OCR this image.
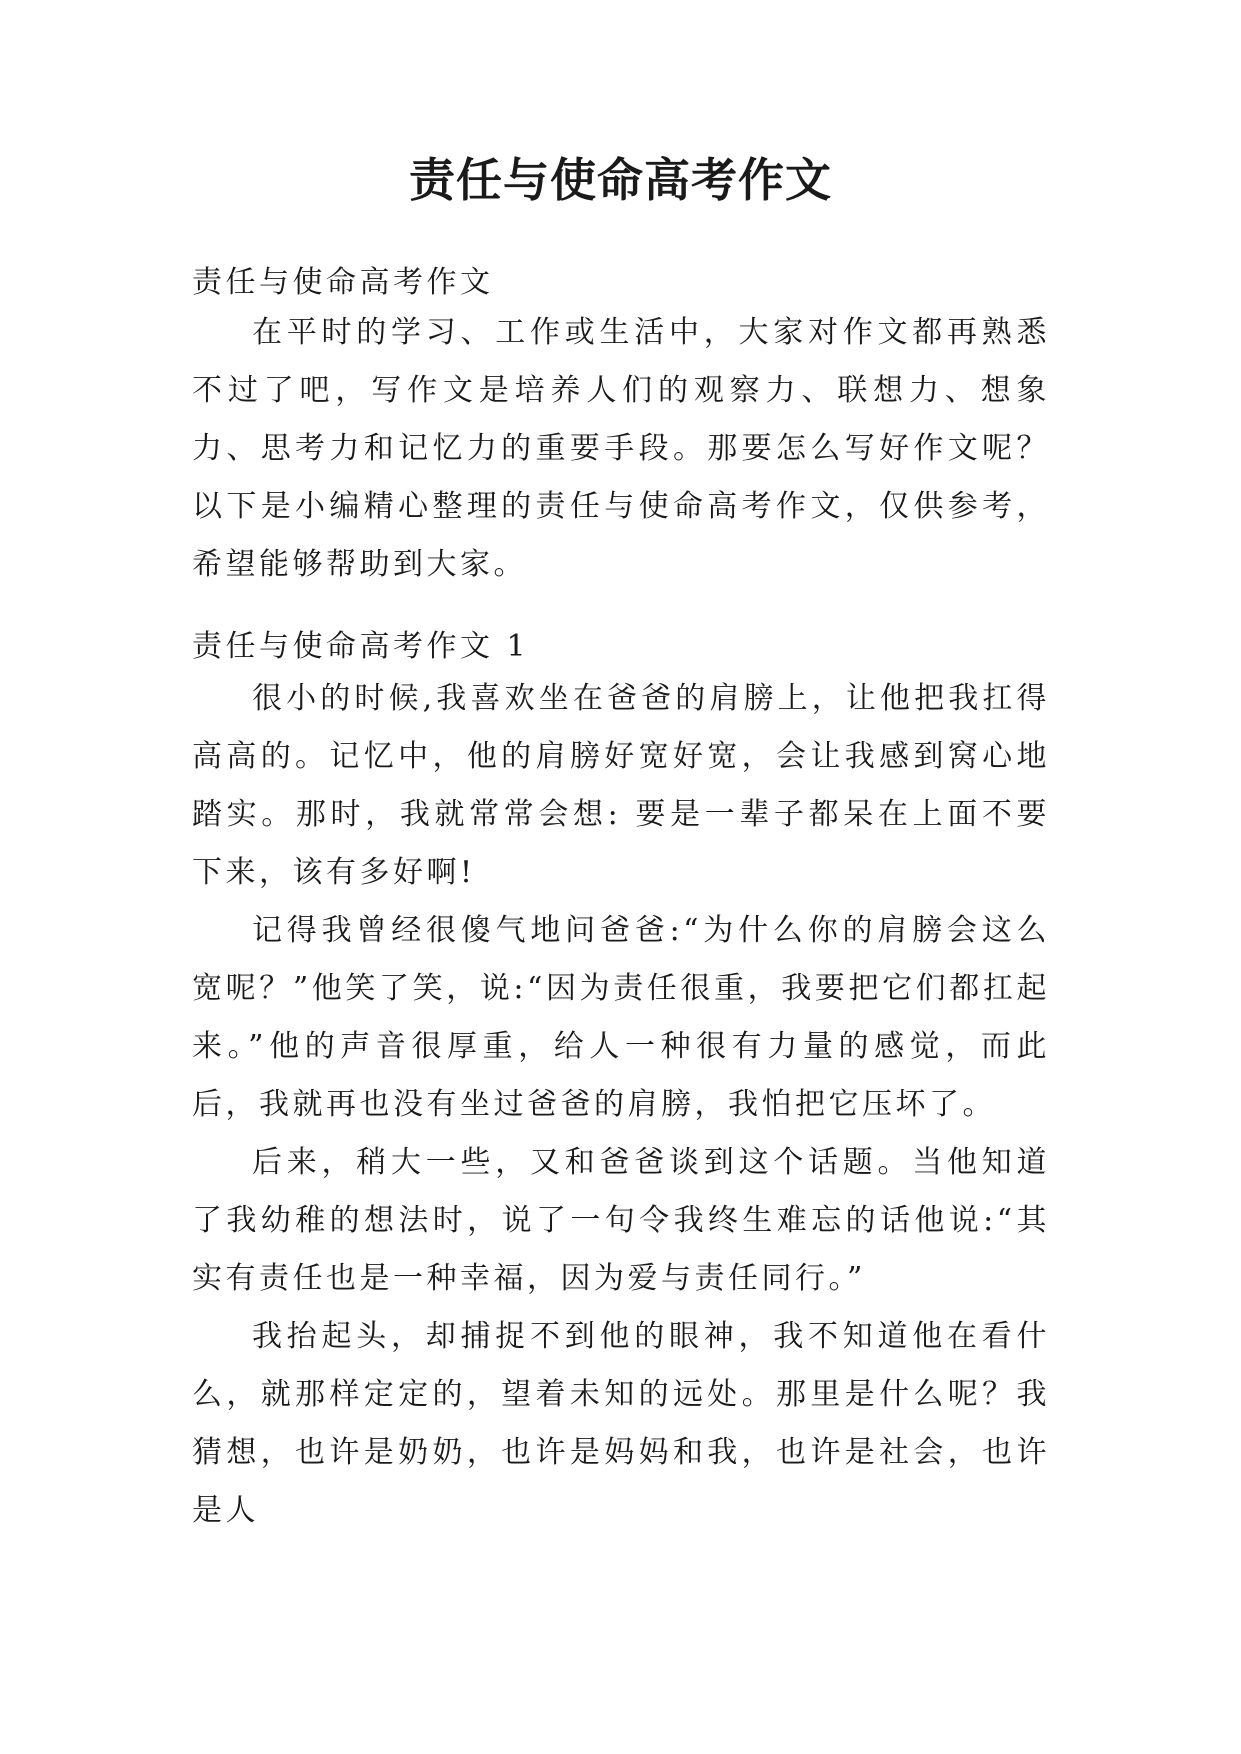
责任与使命高考作文
责任与使命高考作文

在平时的学习、工作或生活中，大家对作文都再熟悉不过了吧，写作文是培养人们的观察力、联想力、想象力、思考力和记忆力的重要手段。那要怎么写好作文呢？以下是小编精心整理的责任与使命高考作文，仅供参考，希望能够帮助到大家。

责任与使命高考作文 1

很小的时候,我喜欢坐在爸爸的肩膀上，让他把我扛得高高的。记忆中，他的肩膀好宽好宽，会让我感到窝心地踏实。那时，我就常常会想: 要是一辈子都呆在上面不要下来，该有多好啊!

记得我曾经很傻气地问爸爸:“为什么你的肩膀会这么宽呢？”他笑了笑，说:“因为责任很重，我要把它们都扛起来。”他的声音很厚重，给人一种很有力量的感觉，而此后，我就再也没有坐过爸爸的肩膀，我怕把它压坏了。

后来，稍大一些，又和爸爸谈到这个话题。当他知道了我幼稚的想法时，说了一句令我终生难忘的话他说:“其实有责任也是一种幸福，因为爱与责任同行。”

我抬起头，却捕捉不到他的眼神，我不知道他在看什么，就那样定定的，望着未知的远处。那里是什么呢？我猜想，也许是奶奶，也许是妈妈和我，也许是社会，也许是人
